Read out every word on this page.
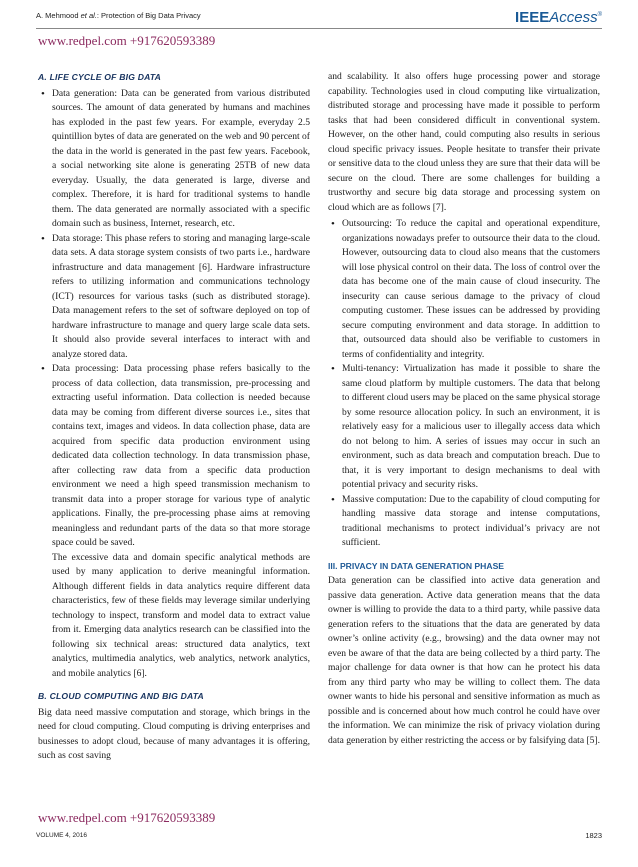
A. Mehmood et al.: Protection of Big Data Privacy	IEEEAccess®
www.redpel.com +917620593389
A. LIFE CYCLE OF BIG DATA
• Data generation: Data can be generated from various distributed sources. The amount of data generated by humans and machines has exploded in the past few years. For example, everyday 2.5 quintillion bytes of data are generated on the web and 90 percent of the data in the world is generated in the past few years. Facebook, a social networking site alone is generating 25TB of new data everyday. Usually, the data generated is large, diverse and complex. Therefore, it is hard for traditional systems to handle them. The data generated are normally associated with a specific domain such as business, Internet, research, etc.
• Data storage: This phase refers to storing and managing large-scale data sets. A data storage system consists of two parts i.e., hardware infrastructure and data management [6]. Hardware infrastructure refers to utilizing information and communications technology (ICT) resources for various tasks (such as distributed storage). Data management refers to the set of software deployed on top of hardware infrastructure to manage and query large scale data sets. It should also provide several interfaces to interact with and analyze stored data.
• Data processing: Data processing phase refers basically to the process of data collection, data transmission, pre-processing and extracting useful information. Data collection is needed because data may be coming from different diverse sources i.e., sites that contains text, images and videos. In data collection phase, data are acquired from specific data production environment using dedicated data collection technology. In data transmission phase, after collecting raw data from a specific data production environment we need a high speed transmission mechanism to transmit data into a proper storage for various type of analytic applications. Finally, the pre-processing phase aims at removing meaningless and redundant parts of the data so that more storage space could be saved.

The excessive data and domain specific analytical methods are used by many application to derive meaningful information. Although different fields in data analytics require different data characteristics, few of these fields may leverage similar underlying technology to inspect, transform and model data to extract value from it. Emerging data analytics research can be classified into the following six technical areas: structured data analytics, text analytics, multimedia analytics, web analytics, network analytics, and mobile analytics [6].

B. CLOUD COMPUTING AND BIG DATA

Big data need massive computation and storage, which brings in the need for cloud computing. Cloud computing is driving enterprises and businesses to adopt cloud, because of many advantages it is offering, such as cost saving

and scalability. It also offers huge processing power and storage capability. Technologies used in cloud computing like virtualization, distributed storage and processing have made it possible to perform tasks that had been considered difficult in conventional system. However, on the other hand, could computing also results in serious cloud specific privacy issues. People hesitate to transfer their private or sensitive data to the cloud unless they are sure that their data will be secure on the cloud. There are some challenges for building a trustworthy and secure big data storage and processing system on cloud which are as follows [7].

• Outsourcing: To reduce the capital and operational expenditure, organizations nowadays prefer to outsource their data to the cloud. However, outsourcing data to cloud also means that the customers will lose physical control on their data. The loss of control over the data has become one of the main cause of cloud insecurity. The insecurity can cause serious damage to the privacy of cloud computing customer. These issues can be addressed by providing secure computing environment and data storage. In addittion to that, outsourced data should also be verifiable to customers in terms of confidentiality and integrity.
• Multi-tenancy: Virtualization has made it possible to share the same cloud platform by multiple customers. The data that belong to different cloud users may be placed on the same physical storage by some resource allocation policy. In such an environment, it is relatively easy for a malicious user to illegally access data which do not belong to him. A series of issues may occur in such an environment, such as data breach and computation breach. Due to that, it is very important to design mechanisms to deal with potential privacy and security risks.
• Massive computation: Due to the capability of cloud computing for handling massive data storage and intense computations, traditional mechanisms to protect individual’s privacy are not sufficient.
III. PRIVACY IN DATA GENERATION PHASE

Data generation can be classified into active data generation and passive data generation. Active data generation means that the data owner is willing to provide the data to a third party, while passive data generation refers to the situations that the data are generated by data owner’s online activity (e.g., browsing) and the data owner may not even be aware of that the data are being collected by a third party. The major challenge for data owner is that how can he protect his data from any third party who may be willing to collect them. The data owner wants to hide his personal and sensitive information as much as possible and is concerned about how much control he could have over the information. We can minimize the risk of privacy violation during data generation by either restricting the access or by falsifying data [5].

www.redpel.com +917620593389
VOLUME 4, 2016	1823
